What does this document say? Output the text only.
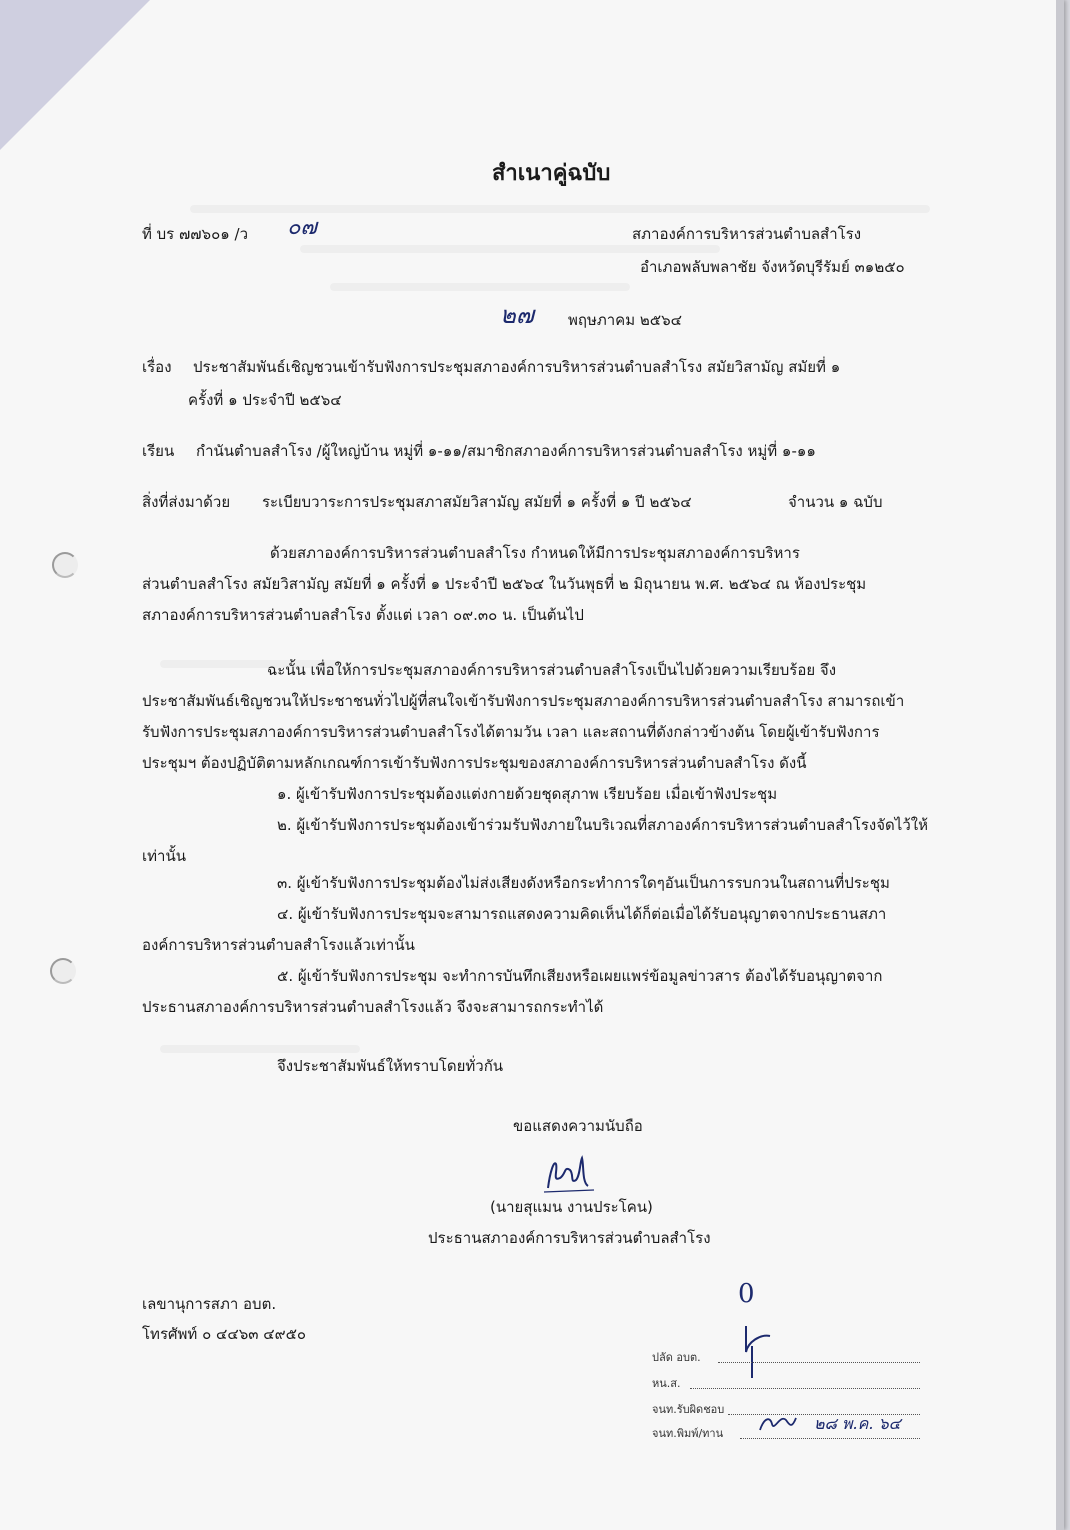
สำเนาคู่ฉบับ
ที่ บร ๗๗๖๐๑ /ว ๐๗	สภาองค์การบริหารส่วนตำบลสำโรง
อำเภอพลับพลาชัย จังหวัดบุรีรัมย์ ๓๑๒๕๐
๒๗ พฤษภาคม ๒๕๖๔
เรื่อง ประชาสัมพันธ์เชิญชวนเข้ารับฟังการประชุมสภาองค์การบริหารส่วนตำบลสำโรง สมัยวิสามัญ สมัยที่ ๑
ครั้งที่ ๑ ประจำปี ๒๕๖๔
เรียน กำนันตำบลสำโรง /ผู้ใหญ่บ้าน หมู่ที่ ๑-๑๑/สมาชิกสภาองค์การบริหารส่วนตำบลสำโรง หมู่ที่ ๑-๑๑
สิ่งที่ส่งมาด้วย ระเบียบวาระการประชุมสภาสมัยวิสามัญ สมัยที่ ๑ ครั้งที่ ๑ ปี ๒๕๖๔	จำนวน ๑ ฉบับ
ด้วยสภาองค์การบริหารส่วนตำบลสำโรง กำหนดให้มีการประชุมสภาองค์การบริหาร
ส่วนตำบลสำโรง สมัยวิสามัญ สมัยที่ ๑ ครั้งที่ ๑ ประจำปี ๒๕๖๔ ในวันพุธที่ ๒ มิถุนายน พ.ศ. ๒๕๖๔ ณ ห้องประชุม
สภาองค์การบริหารส่วนตำบลสำโรง ตั้งแต่ เวลา ๐๙.๓๐ น. เป็นต้นไป
ฉะนั้น เพื่อให้การประชุมสภาองค์การบริหารส่วนตำบลสำโรงเป็นไปด้วยความเรียบร้อย จึง
ประชาสัมพันธ์เชิญชวนให้ประชาชนทั่วไปผู้ที่สนใจเข้ารับฟังการประชุมสภาองค์การบริหารส่วนตำบลสำโรง สามารถเข้า
รับฟังการประชุมสภาองค์การบริหารส่วนตำบลสำโรงได้ตามวัน เวลา และสถานที่ดังกล่าวข้างต้น โดยผู้เข้ารับฟังการ
ประชุมฯ ต้องปฏิบัติตามหลักเกณฑ์การเข้ารับฟังการประชุมของสภาองค์การบริหารส่วนตำบลสำโรง ดังนี้
๑. ผู้เข้ารับฟังการประชุมต้องแต่งกายด้วยชุดสุภาพ เรียบร้อย เมื่อเข้าฟังประชุม
๒. ผู้เข้ารับฟังการประชุมต้องเข้าร่วมรับฟังภายในบริเวณที่สภาองค์การบริหารส่วนตำบลสำโรงจัดไว้ให้
เท่านั้น
๓. ผู้เข้ารับฟังการประชุมต้องไม่ส่งเสียงดังหรือกระทำการใดๆอันเป็นการรบกวนในสถานที่ประชุม
๔. ผู้เข้ารับฟังการประชุมจะสามารถแสดงความคิดเห็นได้ก็ต่อเมื่อได้รับอนุญาตจากประธานสภา
องค์การบริหารส่วนตำบลสำโรงแล้วเท่านั้น
๕. ผู้เข้ารับฟังการประชุม จะทำการบันทึกเสียงหรือเผยแพร่ข้อมูลข่าวสาร ต้องได้รับอนุญาตจาก
ประธานสภาองค์การบริหารส่วนตำบลสำโรงแล้ว จึงจะสามารถกระทำได้
จึงประชาสัมพันธ์ให้ทราบโดยทั่วกัน
ขอแสดงความนับถือ
(นายสุแมน งานประโคน)
ประธานสภาองค์การบริหารส่วนตำบลสำโรง
เลขานุการสภา อบต.
โทรศัพท์ ๐ ๔๔๖๓ ๔๙๕๐
0
ปลัด อบต.
หน.ส.
จนท.รับผิดชอบ
จนท.พิมพ์/ทาน
๒๘ พ.ค. ๖๔
